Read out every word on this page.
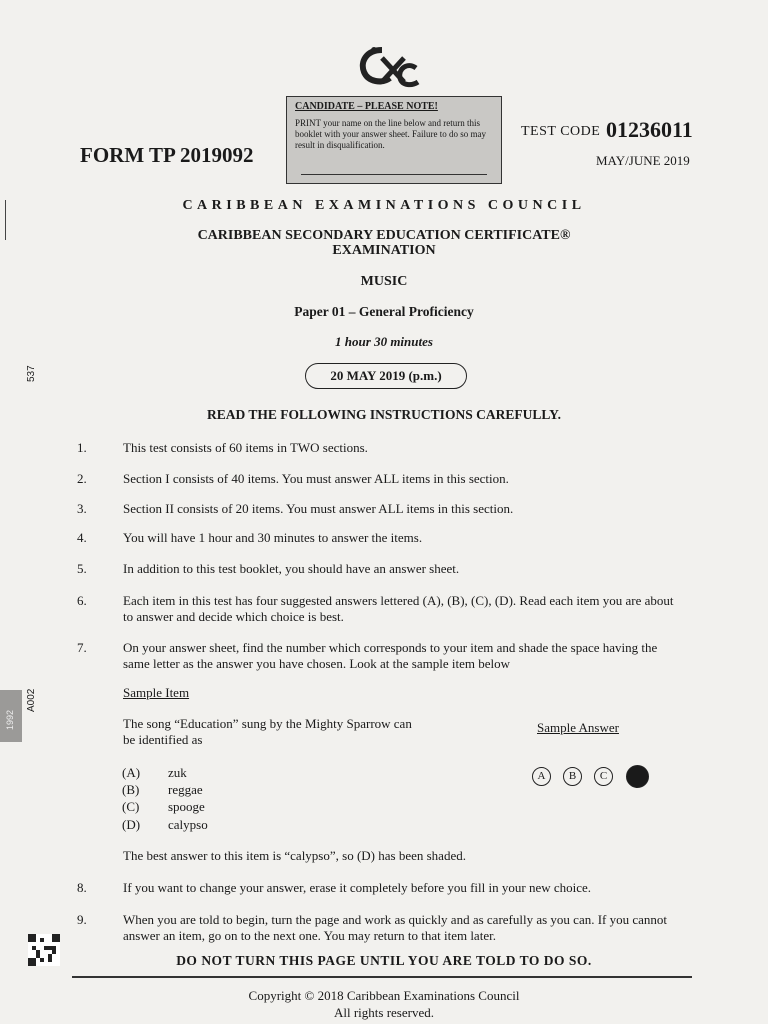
CANDIDATE – PLEASE NOTE!
PRINT your name on the line below and return this booklet with your answer sheet. Failure to do so may result in disqualification.
FORM TP 2019092
TEST CODE 01236011
MAY/JUNE 2019
537
1992
A002
CARIBBEAN EXAMINATIONS COUNCIL
CARIBBEAN SECONDARY EDUCATION CERTIFICATE®
EXAMINATION
MUSIC
Paper 01 – General Proficiency
1 hour 30 minutes
20 MAY 2019 (p.m.)
READ THE FOLLOWING INSTRUCTIONS CAREFULLY.
1.	This test consists of 60 items in TWO sections.
2.	Section I consists of 40 items. You must answer ALL items in this section.
3.	Section II consists of 20 items. You must answer ALL items in this section.
4.	You will have 1 hour and 30 minutes to answer the items.
5.	In addition to this test booklet, you should have an answer sheet.
6.	Each item in this test has four suggested answers lettered (A), (B), (C), (D). Read each item you are about to answer and decide which choice is best.
7.	On your answer sheet, find the number which corresponds to your item and shade the space having the same letter as the answer you have chosen. Look at the sample item below
Sample Item
The song “Education” sung by the Mighty Sparrow can be identified as
Sample Answer
(A) zuk
(B) reggae
(C) spooge
(D) calypso
A	B	C
The best answer to this item is “calypso”, so (D) has been shaded.
8.	If you want to change your answer, erase it completely before you fill in your new choice.
9.	When you are told to begin, turn the page and work as quickly and as carefully as you can. If you cannot answer an item, go on to the next one. You may return to that item later.
DO NOT TURN THIS PAGE UNTIL YOU ARE TOLD TO DO SO.
Copyright © 2018 Caribbean Examinations Council
All rights reserved.
